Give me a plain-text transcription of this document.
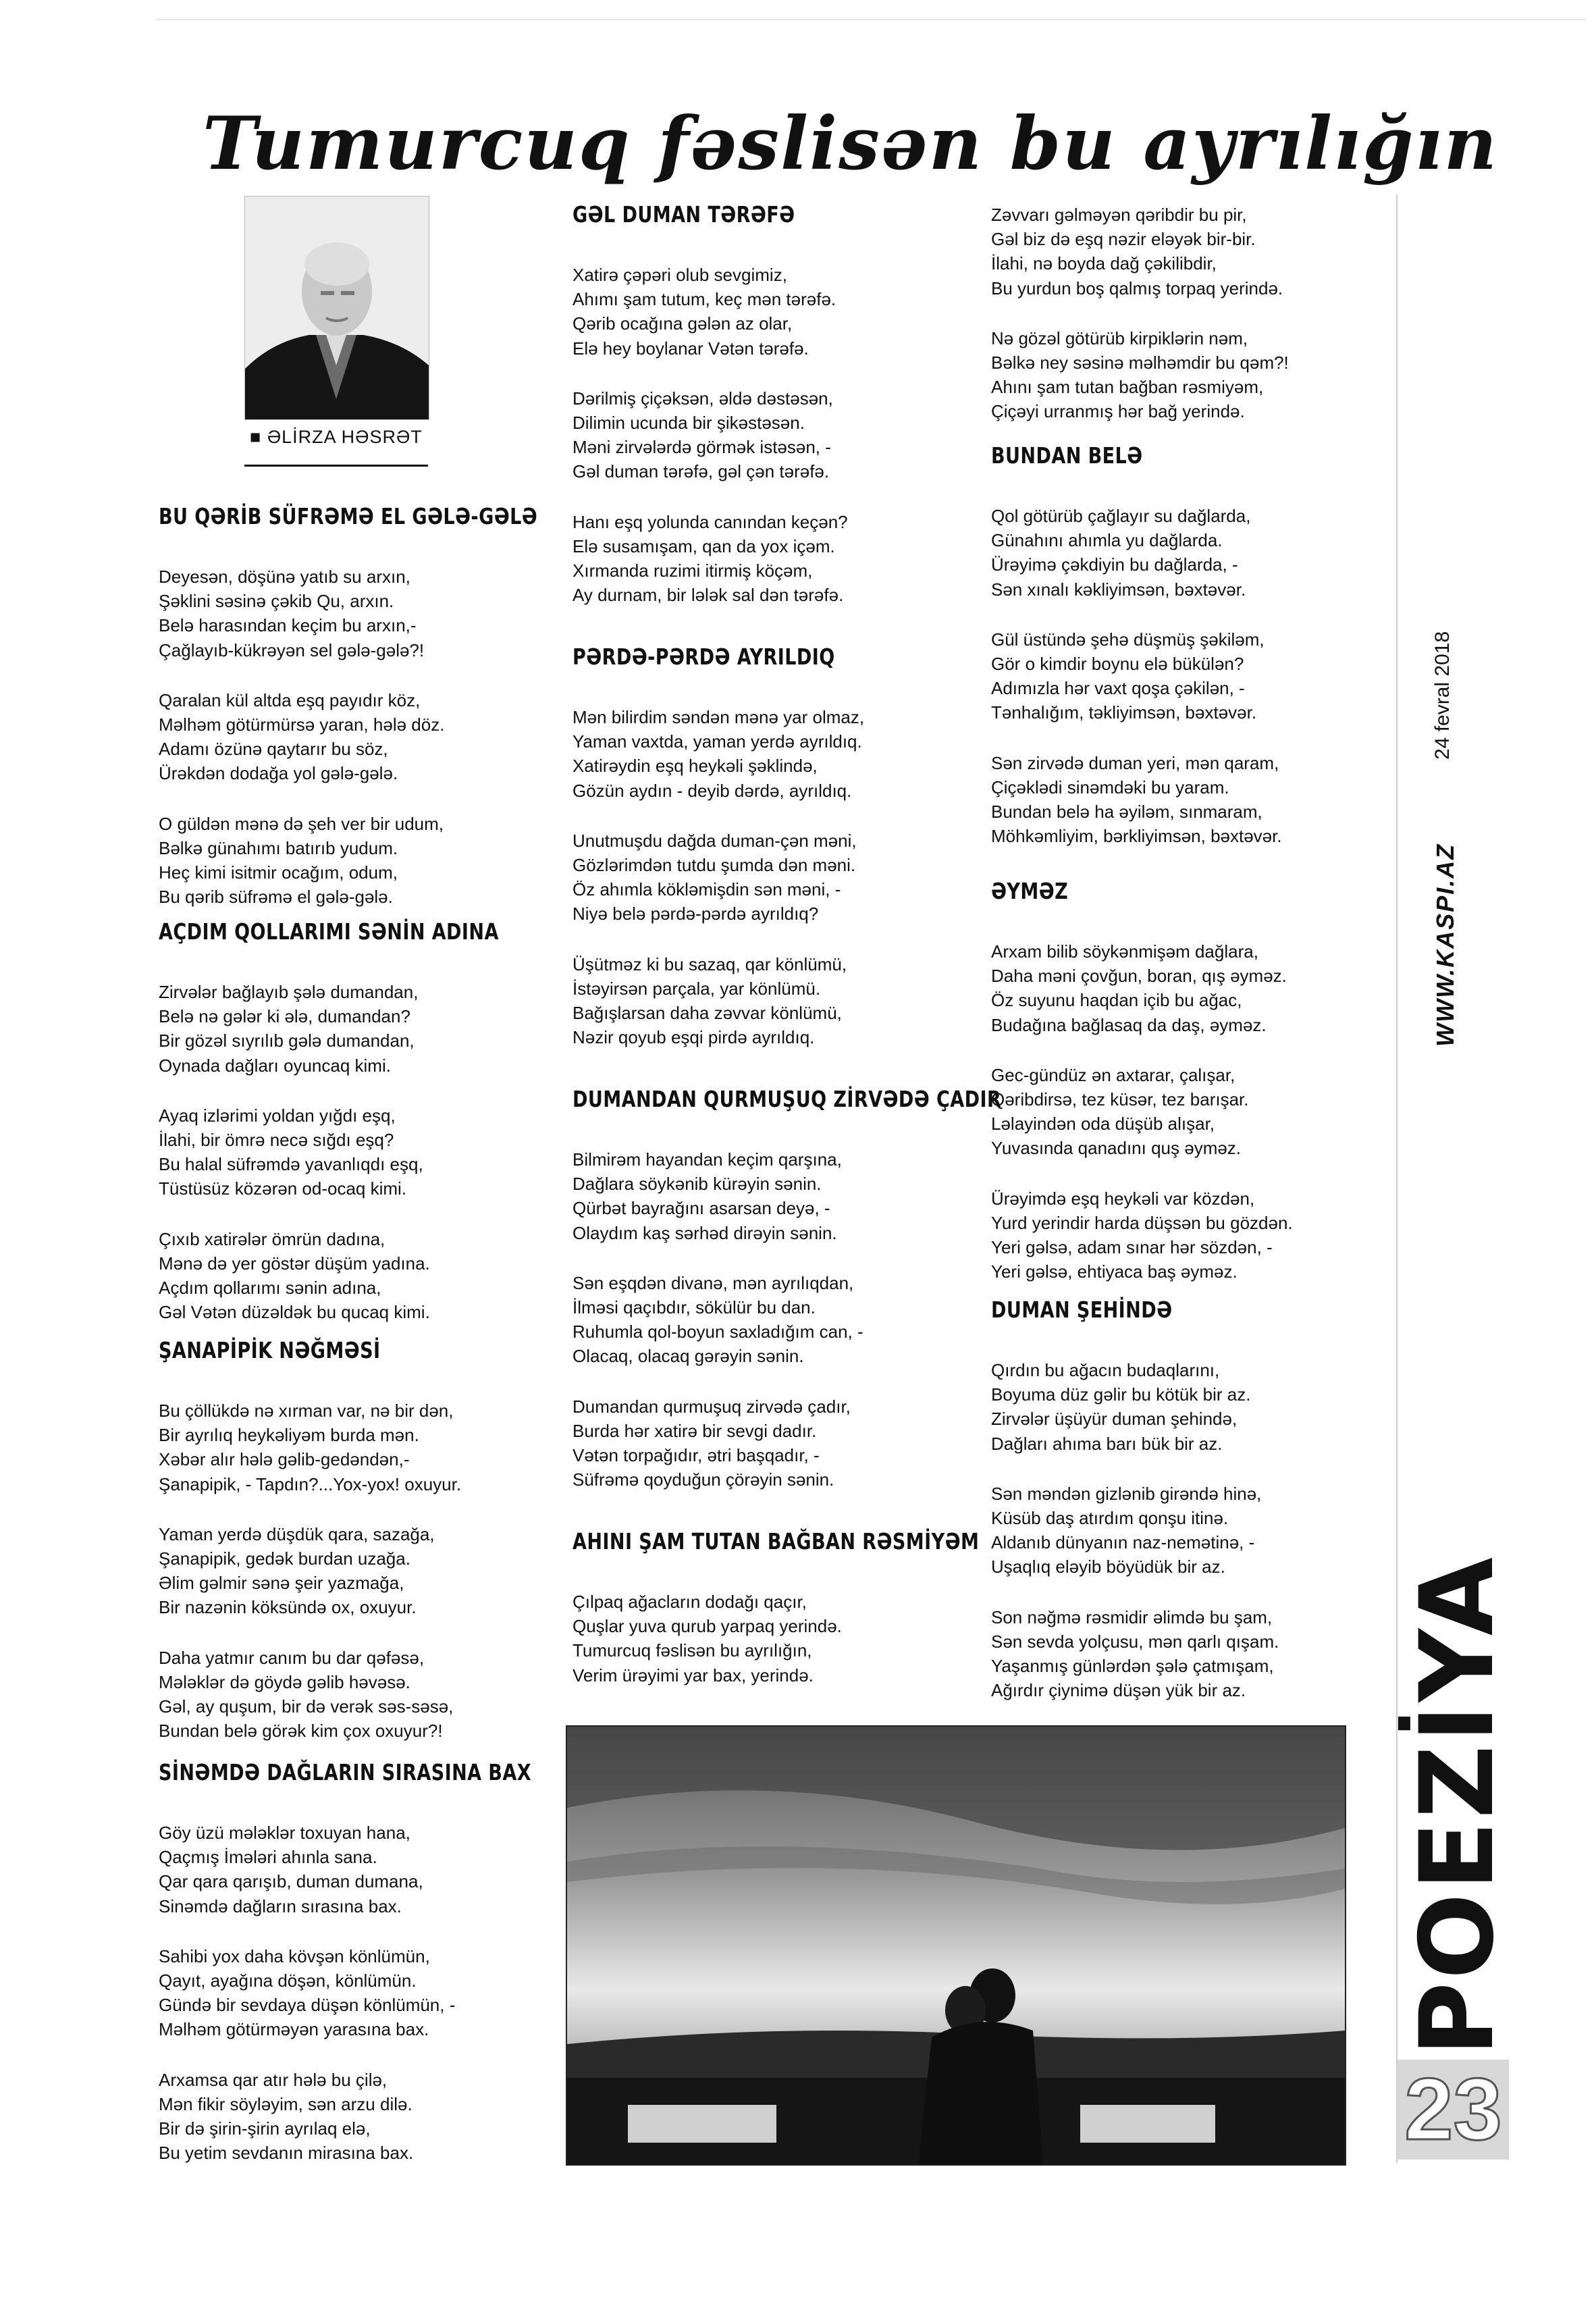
Tumurcuq fəslisən bu ayrılığın
■ ƏLİRZA HƏSRƏT
BU QƏRİB SÜFRƏMƏ EL GƏLƏ-GƏLƏ
Deyesən, döşünə yatıb su arxın,
Şəklini səsinə çəkib Qu, arxın.
Belə harasından keçim bu arxın,-
Çağlayıb-kükrəyən sel gələ-gələ?!
Qaralan kül altda eşq payıdır köz,
Məlhəm götürmürsə yaran, hələ döz.
Adamı özünə qaytarır bu söz,
Ürəkdən dodağa yol gələ-gələ.
O güldən mənə də şeh ver bir udum,
Bəlkə günahımı batırıb yudum.
Heç kimi isitmir ocağım, odum,
Bu qərib süfrəmə el gələ-gələ.
AÇDIM QOLLARIMI SƏNİN ADINA
Zirvələr bağlayıb şələ dumandan,
Belə nə gələr ki ələ, dumandan?
Bir gözəl sıyrılıb gələ dumandan,
Oynada dağları oyuncaq kimi.
Ayaq izlərimi yoldan yığdı eşq,
İlahi, bir ömrə necə sığdı eşq?
Bu halal süfrəmdə yavanlıqdı eşq,
Tüstüsüz közərən od-ocaq kimi.
Çıxıb xatirələr ömrün dadına,
Mənə də yer göstər düşüm yadına.
Açdım qollarımı sənin adına,
Gəl Vətən düzəldək bu qucaq kimi.
ŞANAPİPİK NƏĞMƏSİ
Bu çöllükdə nə xırman var, nə bir dən,
Bir ayrılıq heykəliyəm burda mən.
Xəbər alır hələ gəlib-gedəndən,-
Şanapipik, - Tapdın?...Yox-yox! oxuyur.
Yaman yerdə düşdük qara, sazağa,
Şanapipik, gedək burdan uzağa.
Əlim gəlmir sənə şeir yazmağa,
Bir nazənin köksündə ox, oxuyur.
Daha yatmır canım bu dar qəfəsə,
Mələklər də göydə gəlib həvəsə.
Gəl, ay quşum, bir də verək səs-səsə,
Bundan belə görək kim çox oxuyur?!
SİNƏMDƏ DAĞLARIN SIRASINA BAX
Göy üzü mələklər toxuyan hana,
Qaçmış İmələri ahınla sana.
Qar qara qarışıb, duman dumana,
Sinəmdə dağların sırasına bax.
Sahibi yox daha kövşən könlümün,
Qayıt, ayağına döşən, könlümün.
Gündə bir sevdaya düşən könlümün, -
Məlhəm götürməyən yarasına bax.
Arxamsa qar atır hələ bu çilə,
Mən fikir söyləyim, sən arzu dilə.
Bir də şirin-şirin ayrılaq elə,
Bu yetim sevdanın mirasına bax.
GƏL DUMAN TƏRƏFƏ
Xatirə çəpəri olub sevgimiz,
Ahımı şam tutum, keç mən tərəfə.
Qərib ocağına gələn az olar,
Elə hey boylanar Vətən tərəfə.
Dərilmiş çiçəksən, əldə dəstəsən,
Dilimin ucunda bir şikəstəsən.
Məni zirvələrdə görmək istəsən, -
Gəl duman tərəfə, gəl çən tərəfə.
Hanı eşq yolunda canından keçən?
Elə susamışam, qan da yox içəm.
Xırmanda ruzimi itirmiş köçəm,
Ay durnam, bir lələk sal dən tərəfə.
PƏRDƏ-PƏRDƏ AYRILDIQ
Mən bilirdim səndən mənə yar olmaz,
Yaman vaxtda, yaman yerdə ayrıldıq.
Xatirəydin eşq heykəli şəklində,
Gözün aydın - deyib dərdə, ayrıldıq.
Unutmuşdu dağda duman-çən məni,
Gözlərimdən tutdu şumda dən məni.
Öz ahımla kökləmişdin sən məni, -
Niyə belə pərdə-pərdə ayrıldıq?
Üşütməz ki bu sazaq, qar könlümü,
İstəyirsən parçala, yar könlümü.
Bağışlarsan daha zəvvar könlümü,
Nəzir qoyub eşqi pirdə ayrıldıq.
DUMANDAN QURMUŞUQ ZİRVƏDƏ ÇADIR
Bilmirəm hayandan keçim qarşına,
Dağlara söykənib kürəyin sənin.
Qürbət bayrağını asarsan deyə, -
Olaydım kaş sərhəd dirəyin sənin.
Sən eşqdən divanə, mən ayrılıqdan,
İlməsi qaçıbdır, sökülür bu dan.
Ruhumla qol-boyun saxladığım can, -
Olacaq, olacaq gərəyin sənin.
Dumandan qurmuşuq zirvədə çadır,
Burda hər xatirə bir sevgi dadır.
Vətən torpağıdır, ətri başqadır, -
Süfrəmə qoyduğun çörəyin sənin.
AHINI ŞAM TUTAN BAĞBAN RƏSMİYƏM
Çılpaq ağacların dodağı qaçır,
Quşlar yuva qurub yarpaq yerində.
Tumurcuq fəslisən bu ayrılığın,
Verim ürəyimi yar bax, yerində.
Zəvvarı gəlməyən qəribdir bu pir,
Gəl biz də eşq nəzir eləyək bir-bir.
İlahi, nə boyda dağ çəkilibdir,
Bu yurdun boş qalmış torpaq yerində.
Nə gözəl götürüb kirpiklərin nəm,
Bəlkə ney səsinə məlhəmdir bu qəm?!
Ahını şam tutan bağban rəsmiyəm,
Çiçəyi urranmış hər bağ yerində.
BUNDAN BELƏ
Qol götürüb çağlayır su dağlarda,
Günahını ahımla yu dağlarda.
Ürəyimə çəkdiyin bu dağlarda, -
Sən xınalı kəkliyimsən, bəxtəvər.
Gül üstündə şehə düşmüş şəkiləm,
Gör o kimdir boynu elə bükülən?
Adımızla hər vaxt qoşa çəkilən, -
Tənhalığım, təkliyimsən, bəxtəvər.
Sən zirvədə duman yeri, mən qaram,
Çiçəklədi sinəmdəki bu yaram.
Bundan belə ha əyiləm, sınmaram,
Möhkəmliyim, bərkliyimsən, bəxtəvər.
ƏYMƏZ
Arxam bilib söykənmişəm dağlara,
Daha məni çovğun, boran, qış əyməz.
Öz suyunu haqdan içib bu ağac,
Budağına bağlasaq da daş, əyməz.
Gec-gündüz ən axtarar, çalışar,
Qəribdirsə, tez küsər, tez barışar.
Ləlayindən oda düşüb alışar,
Yuvasında qanadını quş əyməz.
Ürəyimdə eşq heykəli var közdən,
Yurd yerindir harda düşsən bu gözdən.
Yeri gəlsə, adam sınar hər sözdən, -
Yeri gəlsə, ehtiyaca baş əyməz.
DUMAN ŞEHİNDƏ
Qırdın bu ağacın budaqlarını,
Boyuma düz gəlir bu kötük bir az.
Zirvələr üşüyür duman şehində,
Dağları ahıma barı bük bir az.
Sən məndən gizlənib girəndə hinə,
Küsüb daş atırdım qonşu itinə.
Aldanıb dünyanın naz-nemətinə, -
Uşaqlıq eləyib böyüdük bir az.
Son nəğmə rəsmidir əlimdə bu şam,
Sən sevda yolçusu, mən qarlı qışam.
Yaşanmış günlərdən şələ çatmışam,
Ağırdır çiynimə düşən yük bir az.
24 fevral 2018
WWW.KASPI.AZ
POEZİYA
23
